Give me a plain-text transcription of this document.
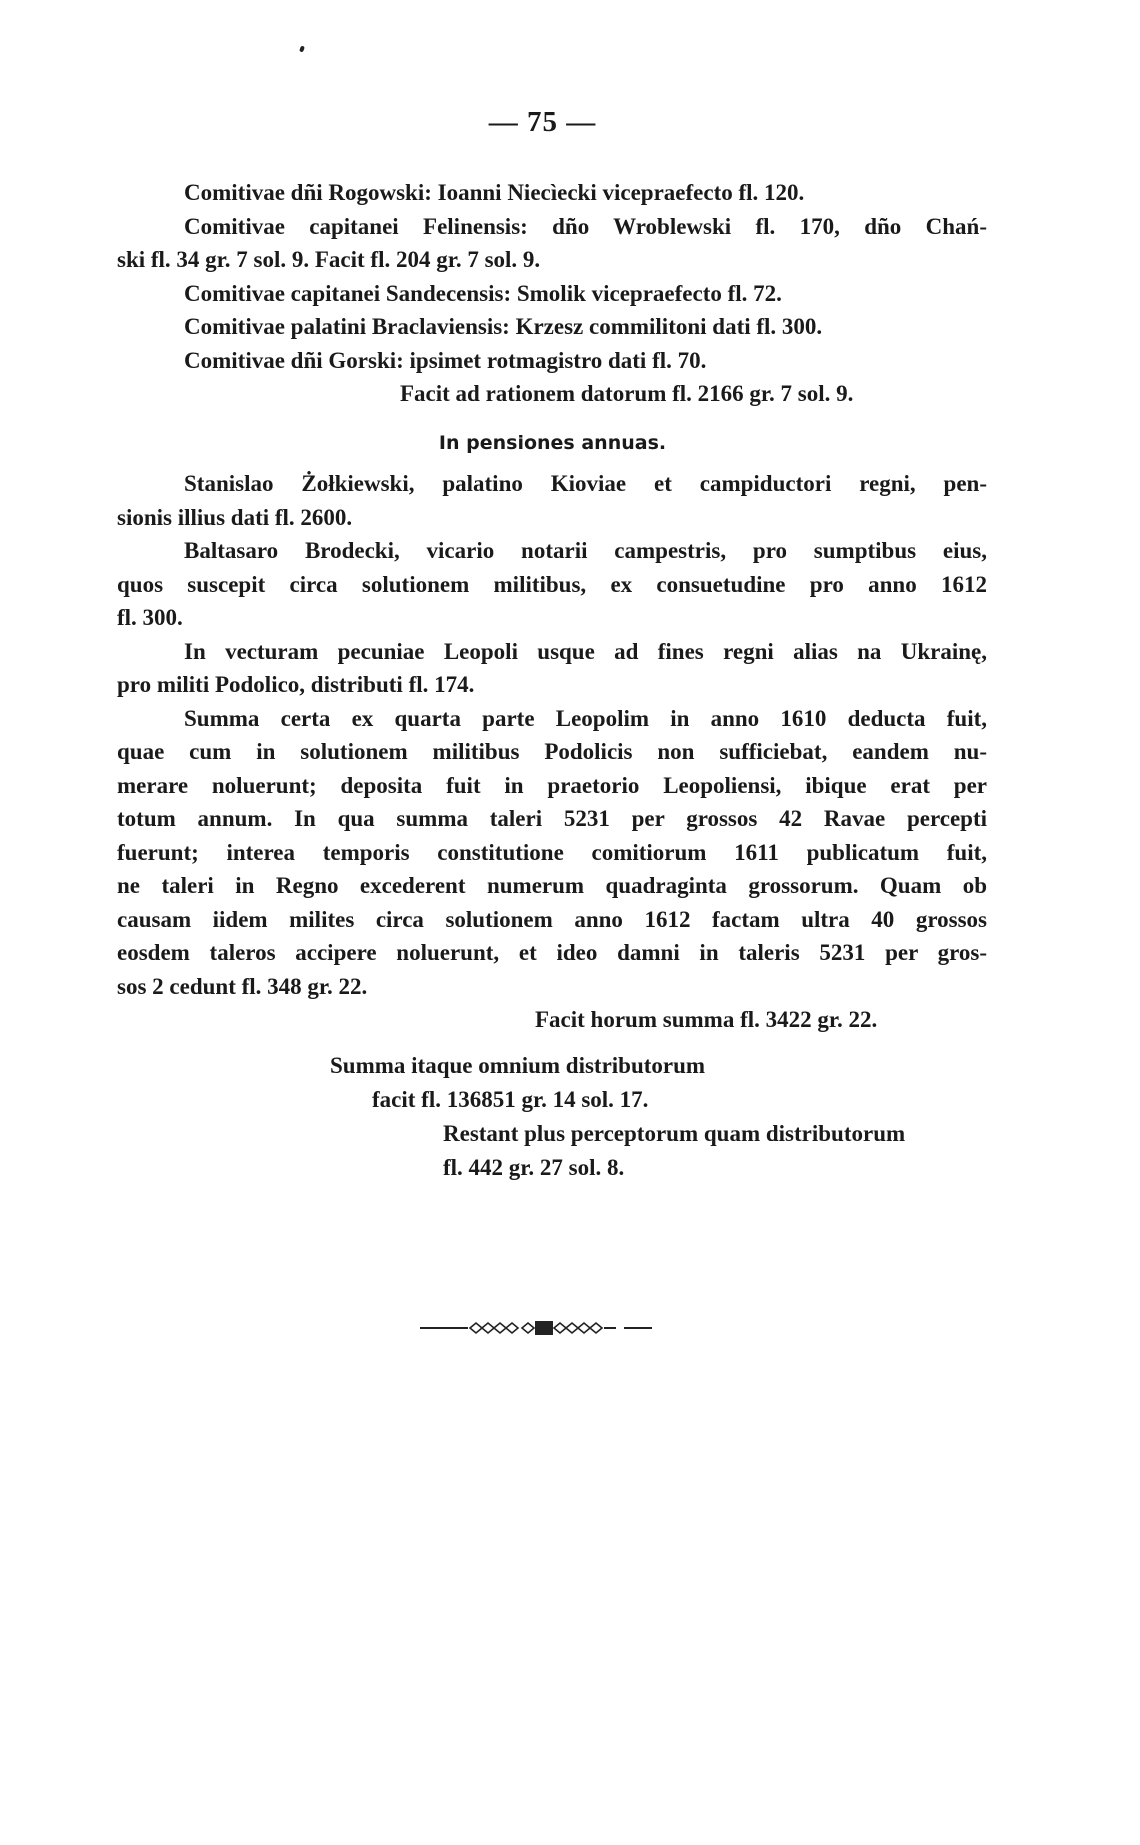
— 75 —
Comitivae dñi Rogowski: Ioanni Niecìecki vicepraefecto fl. 120.
Comitivae capitanei Felinensis: dño Wroblewski fl. 170, dño Chań-
ski fl. 34 gr. 7 sol. 9. Facit fl. 204 gr. 7 sol. 9.
Comitivae capitanei Sandecensis: Smolik vicepraefecto fl. 72.
Comitivae palatini Braclaviensis: Krzesz commilitoni dati fl. 300.
Comitivae dñi Gorski: ipsimet rotmagistro dati fl. 70.
Facit ad rationem datorum fl. 2166 gr. 7 sol. 9.
In pensiones annuas.
Stanislao Żołkiewski, palatino Kioviae et campiductori regni, pen-
sionis illius dati fl. 2600.
Baltasaro Brodecki, vicario notarii campestris, pro sumptibus eius,
quos suscepit circa solutionem militibus, ex consuetudine pro anno 1612
fl. 300.
In vecturam pecuniae Leopoli usque ad fines regni alias na Ukrainę,
pro militi Podolico, distributi fl. 174.
Summa certa ex quarta parte Leopolim in anno 1610 deducta fuit,
quae cum in solutionem militibus Podolicis non sufficiebat, eandem nu-
merare noluerunt; deposita fuit in praetorio Leopoliensi, ibique erat per
totum annum. In qua summa taleri 5231 per grossos 42 Ravae percepti
fuerunt; interea temporis constitutione comitiorum 1611 publicatum fuit,
ne taleri in Regno excederent numerum quadraginta grossorum. Quam ob
causam iidem milites circa solutionem anno 1612 factam ultra 40 grossos
eosdem taleros accipere noluerunt, et ideo damni in taleris 5231 per gros-
sos 2 cedunt fl. 348 gr. 22.
Facit horum summa fl. 3422 gr. 22.
Summa itaque omnium distributorum
facit fl. 136851 gr. 14 sol. 17.
Restant plus perceptorum quam distributorum
fl. 442 gr. 27 sol. 8.
